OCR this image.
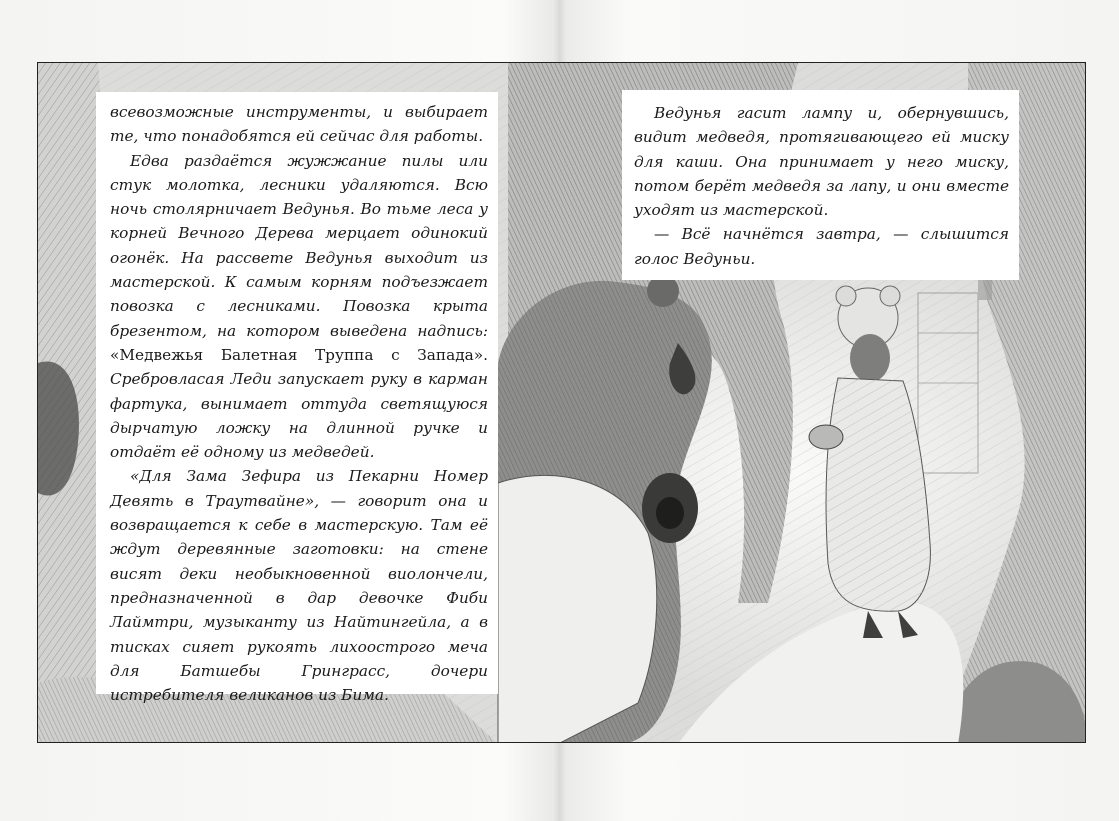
всевозможные инструменты, и выбирает те, что понадобятся ей сейчас для работы.

Едва раздаётся жужжание пилы или стук молотка, лесники удаляются. Всю ночь столярничает Ведунья. Во тьме леса у корней Вечного Дерева мерцает одинокий огонёк. На рассвете Ведунья выходит из мастерской. К самым корням подъезжает повозка с лесниками. Повозка крыта брезентом, на котором выведена надпись: «Медвежья Балетная Труппа с Запада». Сребровласая Леди запускает руку в карман фартука, вынимает оттуда светящуюся дырчатую ложку на длинной ручке и отдаёт её одному из медведей.

«Для Зама Зефира из Пекарни Номер Девять в Траутвайне», — говорит она и возвращается к себе в мастерскую. Там её ждут деревянные заготовки: на стене висят деки необыкновенной виолончели, предназначенной в дар девочке Фиби Лаймтри, музыканту из Найтингейла, а в тисках сияет рукоять лихоострого меча для Батшебы Гринграсс, дочери истребителя великанов из Бима.

Ведунья гасит лампу и, обернувшись, видит медведя, протягивающего ей миску для каши. Она принимает у него миску, потом берёт медведя за лапу, и они вместе уходят из мастерской.

— Всё начнётся завтра, — слышится голос Ведуньи.
